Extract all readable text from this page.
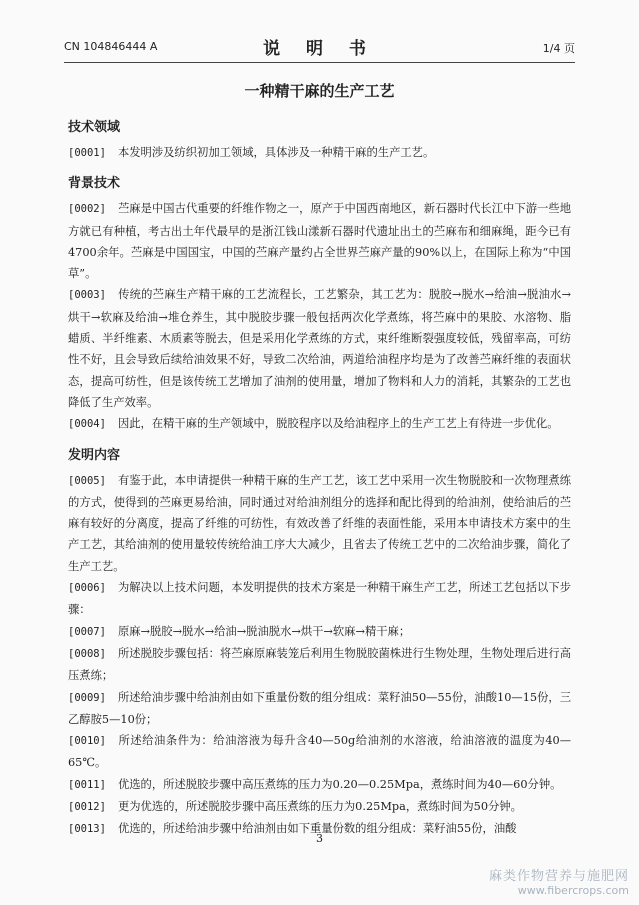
CN 104846444 A	说 明 书	1/4 页
一种精干麻的生产工艺
技术领域

[0001] 本发明涉及纺织初加工领域，具体涉及一种精干麻的生产工艺。

背景技术

[0002] 苎麻是中国古代重要的纤维作物之一，原产于中国西南地区，新石器时代长江中下游一些地方就已有种植，考古出土年代最早的是浙江钱山漾新石器时代遗址出土的苎麻布和细麻绳，距今已有4700余年。苎麻是中国国宝，中国的苎麻产量约占全世界苎麻产量的90%以上，在国际上称为“中国草”。

[0003] 传统的苎麻生产精干麻的工艺流程长，工艺繁杂，其工艺为：脱胶→脱水→给油→脱油水→烘干→软麻及给油→堆仓养生，其中脱胶步骤一般包括两次化学煮练，将苎麻中的果胶、水溶物、脂蜡质、半纤维素、木质素等脱去，但是采用化学煮练的方式，束纤维断裂强度较低，残留率高，可纺性不好，且会导致后续给油效果不好，导致二次给油，两道给油程序均是为了改善苎麻纤维的表面状态，提高可纺性，但是该传统工艺增加了油剂的使用量，增加了物料和人力的消耗，其繁杂的工艺也降低了生产效率。

[0004] 因此，在精干麻的生产领域中，脱胶程序以及给油程序上的生产工艺上有待进一步优化。

发明内容

[0005] 有鉴于此，本申请提供一种精干麻的生产工艺，该工艺中采用一次生物脱胶和一次物理煮练的方式，使得到的苎麻更易给油，同时通过对给油剂组分的选择和配比得到的给油剂，使给油后的苎麻有较好的分离度，提高了纤维的可纺性，有效改善了纤维的表面性能，采用本申请技术方案中的生产工艺，其给油剂的使用量较传统给油工序大大减少，且省去了传统工艺中的二次给油步骤，简化了生产工艺。

[0006] 为解决以上技术问题，本发明提供的技术方案是一种精干麻生产工艺，所述工艺包括以下步骤：

[0007] 原麻→脱胶→脱水→给油→脱油脱水→烘干→软麻→精干麻；

[0008] 所述脱胶步骤包括：将苎麻原麻装笼后利用生物脱胶菌株进行生物处理，生物处理后进行高压煮练；

[0009] 所述给油步骤中给油剂由如下重量份数的组分组成：菜籽油50—55份，油酸10—15份，三乙醇胺5—10份；

[0010] 所述给油条件为：给油溶液为每升含40—50g给油剂的水溶液，给油溶液的温度为40—65℃。

[0011] 优选的，所述脱胶步骤中高压煮练的压力为0.20—0.25Mpa，煮练时间为40—60分钟。

[0012] 更为优选的，所述脱胶步骤中高压煮练的压力为0.25Mpa，煮练时间为50分钟。

[0013] 优选的，所述给油步骤中给油剂由如下重量份数的组分组成：菜籽油55份，油酸

3
麻类作物营养与施肥网
www.fibercrops.com
